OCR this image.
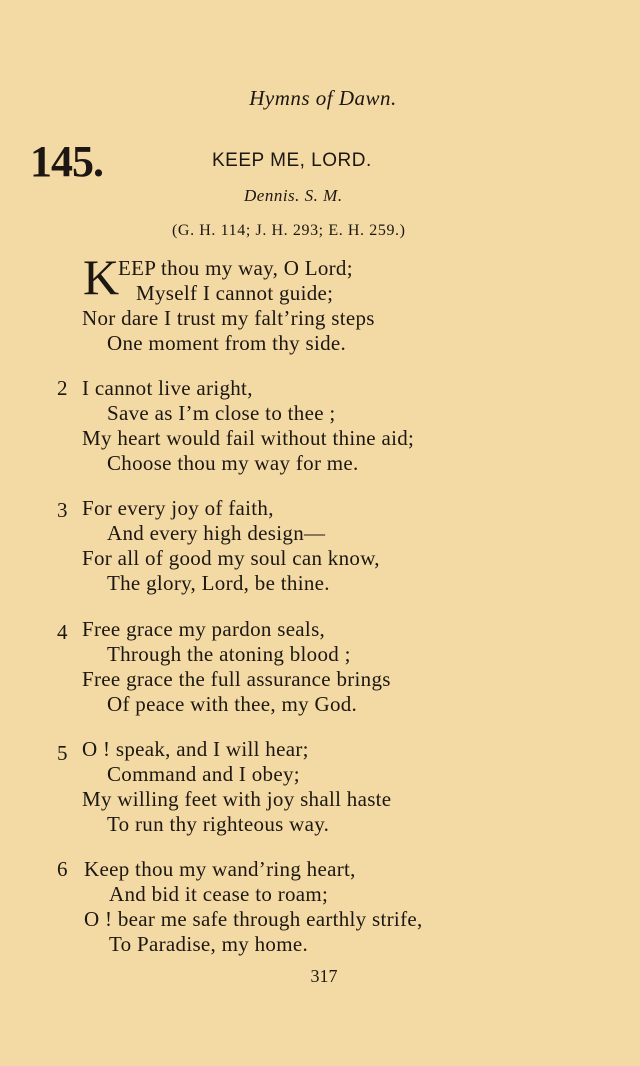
Hymns of Dawn.
145.	KEEP ME, LORD.
Dennis. S. M.
(G. H. 114; J. H. 293; E. H. 259.)
K
EEP thou my way, O Lord;
Myself I cannot guide;
Nor dare I trust my falt’ring steps
One moment from thy side.
2 I cannot live aright,
Save as I’m close to thee ;
My heart would fail without thine aid;
Choose thou my way for me.
3 For every joy of faith,
And every high design—
For all of good my soul can know,
The glory, Lord, be thine.
4 Free grace my pardon seals,
Through the atoning blood ;
Free grace the full assurance brings
Of peace with thee, my God.
5 O ! speak, and I will hear;
Command and I obey;
My willing feet with joy shall haste
To run thy righteous way.
6 Keep thou my wand’ring heart,
And bid it cease to roam;
O ! bear me safe through earthly strife,
To Paradise, my home.
317
